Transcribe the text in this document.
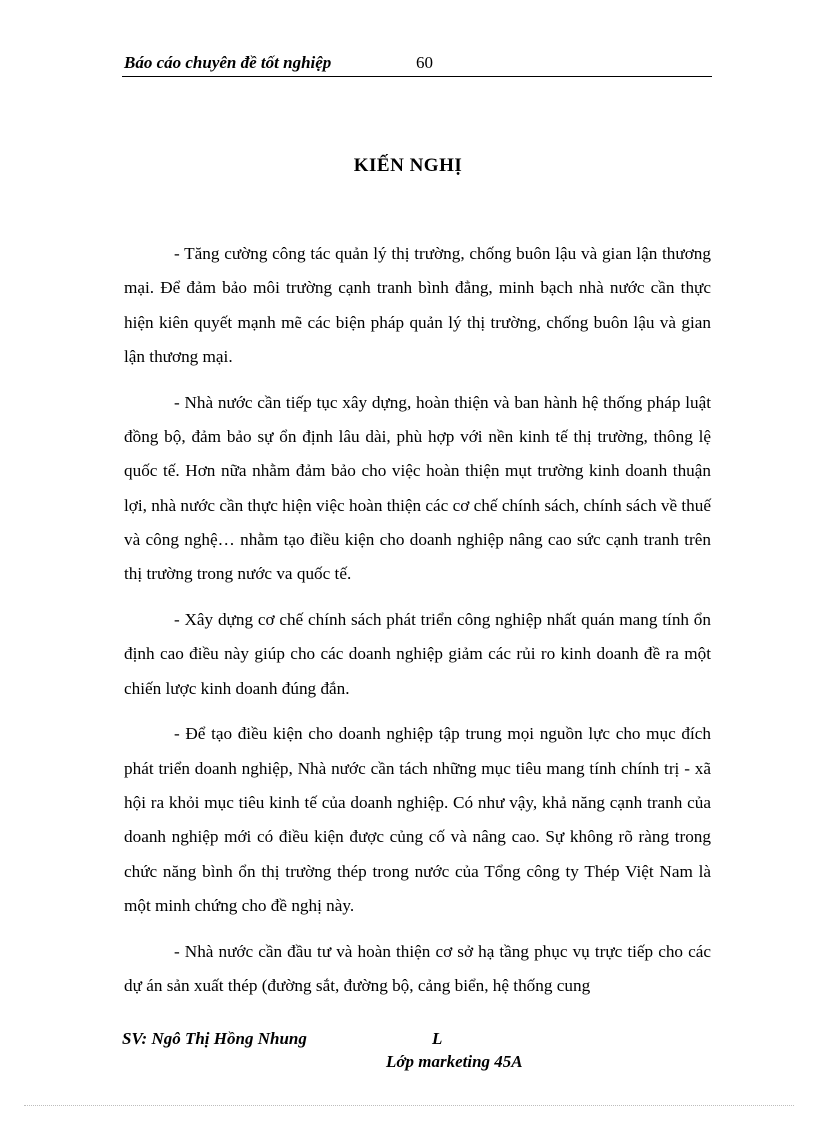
Báo cáo chuyên đề tốt nghiệp	60
KIẾN NGHỊ

- Tăng cường công tác quản lý thị trường, chống buôn lậu và gian lận thương mại. Để đảm bảo môi trường cạnh tranh bình đẳng, minh bạch nhà nước cần thực hiện kiên quyết mạnh mẽ các biện pháp quản lý thị trường, chống buôn lậu và gian lận thương mại.

- Nhà nước cần tiếp tục xây dựng, hoàn thiện và ban hành hệ thống pháp luật đồng bộ, đảm bảo sự ổn định lâu dài, phù hợp với nền kinh tế thị trường, thông lệ quốc tế. Hơn nữa nhằm đảm bảo cho việc hoàn thiện mụt trường kinh doanh thuận lợi, nhà nước cần thực hiện việc hoàn thiện các cơ chế chính sách, chính sách về thuế và công nghệ… nhằm tạo điều kiện cho doanh nghiệp nâng cao sức cạnh tranh trên thị trường trong nước va quốc tế.

- Xây dựng cơ chế chính sách phát triển công nghiệp nhất quán mang tính ổn định cao điều này giúp cho các doanh nghiệp giảm các rủi ro kinh doanh đề ra một chiến lược kinh doanh đúng đắn.

- Để tạo điều kiện cho doanh nghiệp tập trung mọi nguồn lực cho mục đích phát triển doanh nghiệp, Nhà nước cần tách những mục tiêu mang tính chính trị - xã hội ra khỏi mục tiêu kinh tế của doanh nghiệp. Có như vậy, khả năng cạnh tranh của doanh nghiệp mới có điều kiện được củng cố và nâng cao. Sự không rõ ràng trong chức năng bình ổn thị trường thép trong nước của Tổng công ty Thép Việt Nam là một minh chứng cho đề nghị này.

- Nhà nước cần đầu tư và hoàn thiện cơ sở hạ tầng phục vụ trực tiếp cho các dự án sản xuất thép (đường sắt, đường bộ, cảng biển, hệ thống cung

SV: Ngô Thị Hồng Nhung	L
Lớp marketing 45A
